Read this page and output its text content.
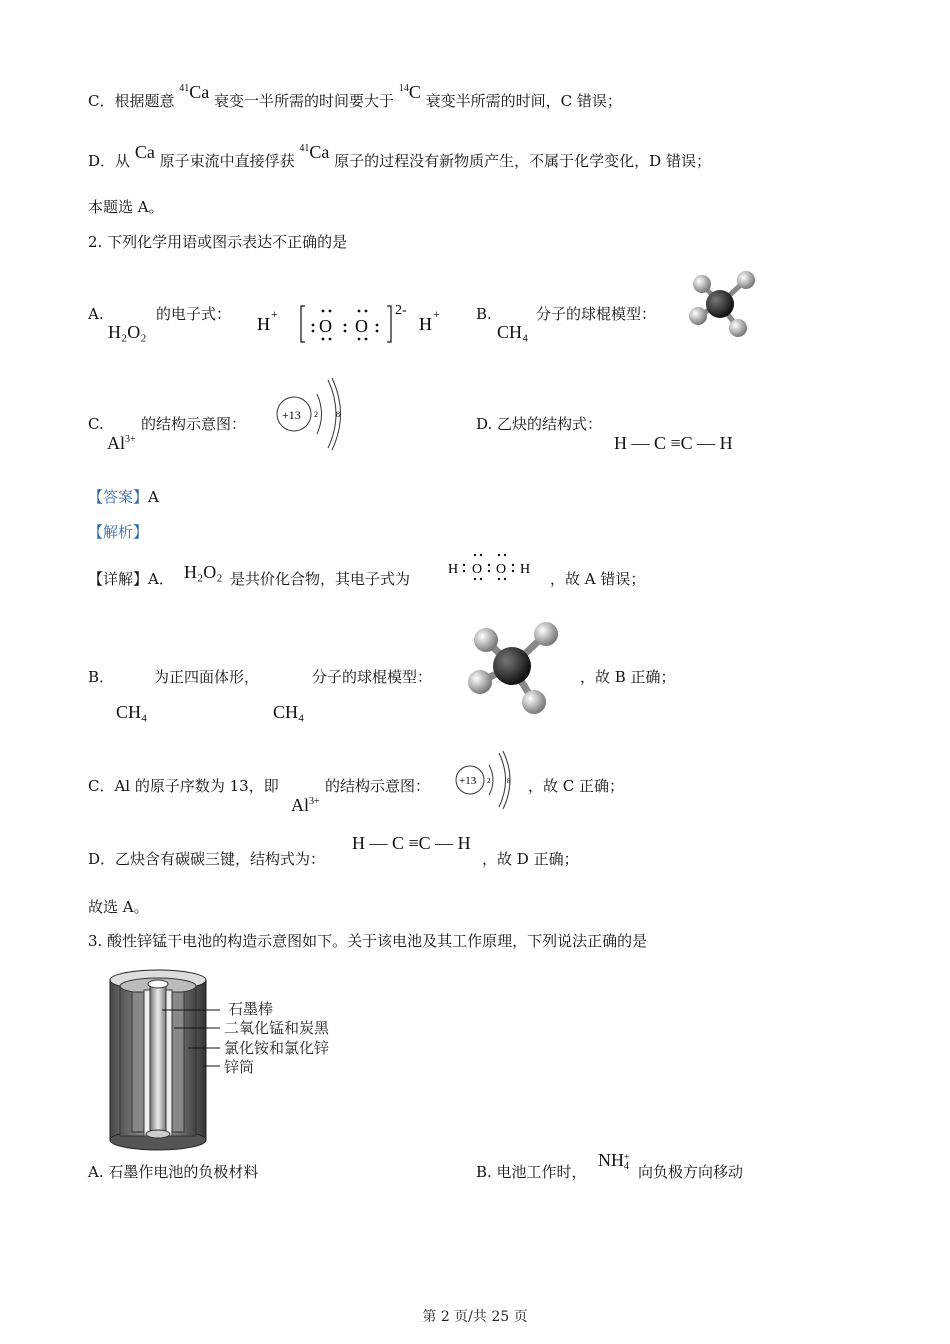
C．根据题意 $^{41}$Ca 衰变一半所需的时间要大于 $^{14}$C 衰变半所需的时间，C 错误；
D．从 Ca 原子束流中直接俘获 $^{41}$Ca 原子的过程没有新物质产生，不属于化学变化，D 错误；
本题选 A。
2. 下列化学用语或图示表达不正确的是
A.
H₂O₂
的电子式： H +
O O
2-
H + B.
CH₄
分子的球棍模型：
C.
$Al^{3+}$
的结构示意图：	+13 2 8
D. 乙炔的结构式：
H — C ≡C — H
【答案】A
【解析】
【详解】A． H₂O₂ 是共价化合物，其电子式为
H O O H
，故 A 错误；
B．
CH₄
为正四面体形，
CH₄
分子的球棍模型：	，故 B 正确；
C．Al 的原子序数为 13，即
$Al^{3+}$
的结构示意图：	+13 2 8 ，故 C 正确；
D．乙炔含有碳碳三键，结构式为：
H — C ≡C — H
，故 D 正确；
故选 A。
3. 酸性锌锰干电池的构造示意图如下。关于该电池及其工作原理，下列说法正确的是
石墨棒
二氧化锰和炭黑
氯化铵和氯化锌
锌筒
A. 石墨作电池的负极材料	B. 电池工作时，
NH+
4 向负极方向移动
第 2 页/共 25 页
